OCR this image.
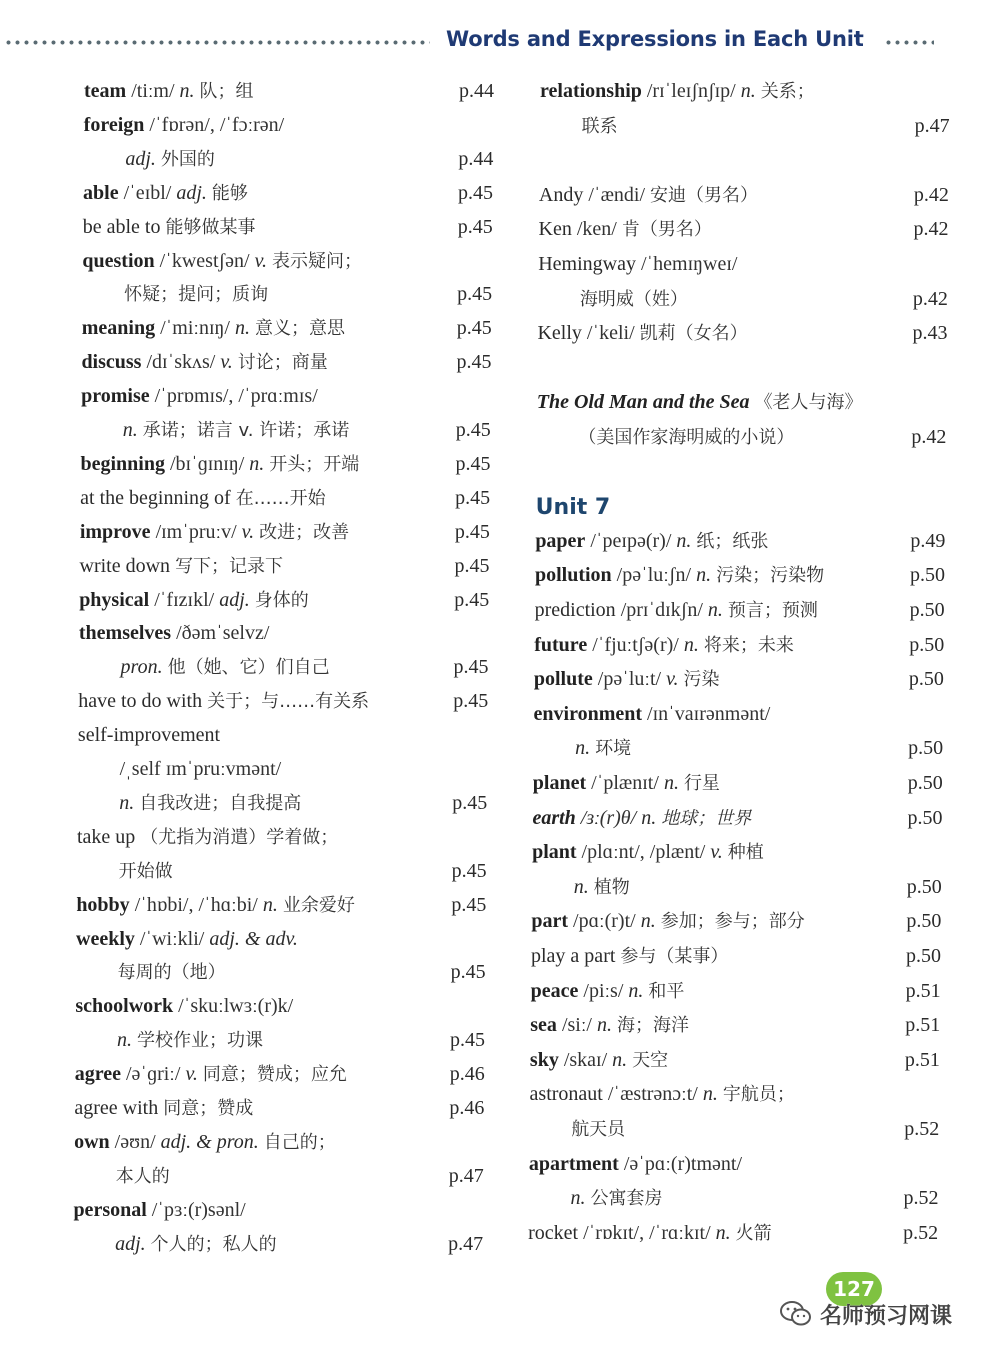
Words and Expressions in Each Unit
team /tiːm/ n. 队；组	p.44
foreign /ˈfɒrən/, /ˈfɔːrən/
adj. 外国的	p.44
able /ˈeɪbl/ adj. 能够	p.45
be able to 能够做某事	p.45
question /ˈkwestʃən/ v. 表示疑问；
怀疑；提问；质询	p.45
meaning /ˈmiːnɪŋ/ n. 意义；意思	p.45
discuss /dɪˈskʌs/ v. 讨论；商量	p.45
promise /ˈprɒmɪs/, /ˈprɑːmɪs/
n. 承诺；诺言 v. 许诺；承诺	p.45
beginning /bɪˈɡɪnɪŋ/ n. 开头；开端	p.45
at the beginning of 在……开始	p.45
improve /ɪmˈpruːv/ v. 改进；改善	p.45
write down 写下；记录下	p.45
physical /ˈfɪzɪkl/ adj. 身体的	p.45
themselves /ðəmˈselvz/
pron. 他（她、它）们自己	p.45
have to do with 关于；与……有关系	p.45
self-improvement
/ˌself ɪmˈpruːvmənt/
n. 自我改进；自我提高	p.45
take up （尤指为消遣）学着做；
开始做	p.45
hobby /ˈhɒbi/, /ˈhɑːbi/ n. 业余爱好	p.45
weekly /ˈwiːkli/ adj. & adv.
每周的（地）	p.45
schoolwork /ˈskuːlwɜː(r)k/
n. 学校作业；功课	p.45
agree /əˈɡriː/ v. 同意；赞成；应允	p.46
agree with 同意；赞成	p.46
own /əʊn/ adj. & pron. 自己的；
本人的	p.47
personal /ˈpɜː(r)sənl/
adj. 个人的；私人的	p.47
relationship /rɪˈleɪʃnʃɪp/ n. 关系；
联系	p.47
Andy /ˈændi/ 安迪（男名）	p.42
Ken /ken/ 肯（男名）	p.42
Hemingway /ˈhemɪŋweɪ/
海明威（姓）	p.42
Kelly /ˈkeli/ 凯莉（女名）	p.43
The Old Man and the Sea 《老人与海》
（美国作家海明威的小说）	p.42
Unit 7
paper /ˈpeɪpə(r)/ n. 纸；纸张	p.49
pollution /pəˈluːʃn/ n. 污染；污染物	p.50
prediction /prɪˈdɪkʃn/ n. 预言；预测	p.50
future /ˈfjuːtʃə(r)/ n. 将来；未来	p.50
pollute /pəˈluːt/ v. 污染	p.50
environment /ɪnˈvaɪrənmənt/
n. 环境	p.50
planet /ˈplænɪt/ n. 行星	p.50
earth /ɜː(r)θ/ n. 地球；世界	p.50
plant /plɑːnt/, /plænt/ v. 种植
n. 植物	p.50
part /pɑː(r)t/ n. 参加；参与；部分	p.50
play a part 参与（某事）	p.50
peace /piːs/ n. 和平	p.51
sea /siː/ n. 海；海洋	p.51
sky /skaɪ/ n. 天空	p.51
astronaut /ˈæstrənɔːt/ n. 宇航员；
航天员	p.52
apartment /əˈpɑː(r)tmənt/
n. 公寓套房	p.52
rocket /ˈrɒkɪt/, /ˈrɑːkɪt/ n. 火箭	p.52
127
名师预习网课
